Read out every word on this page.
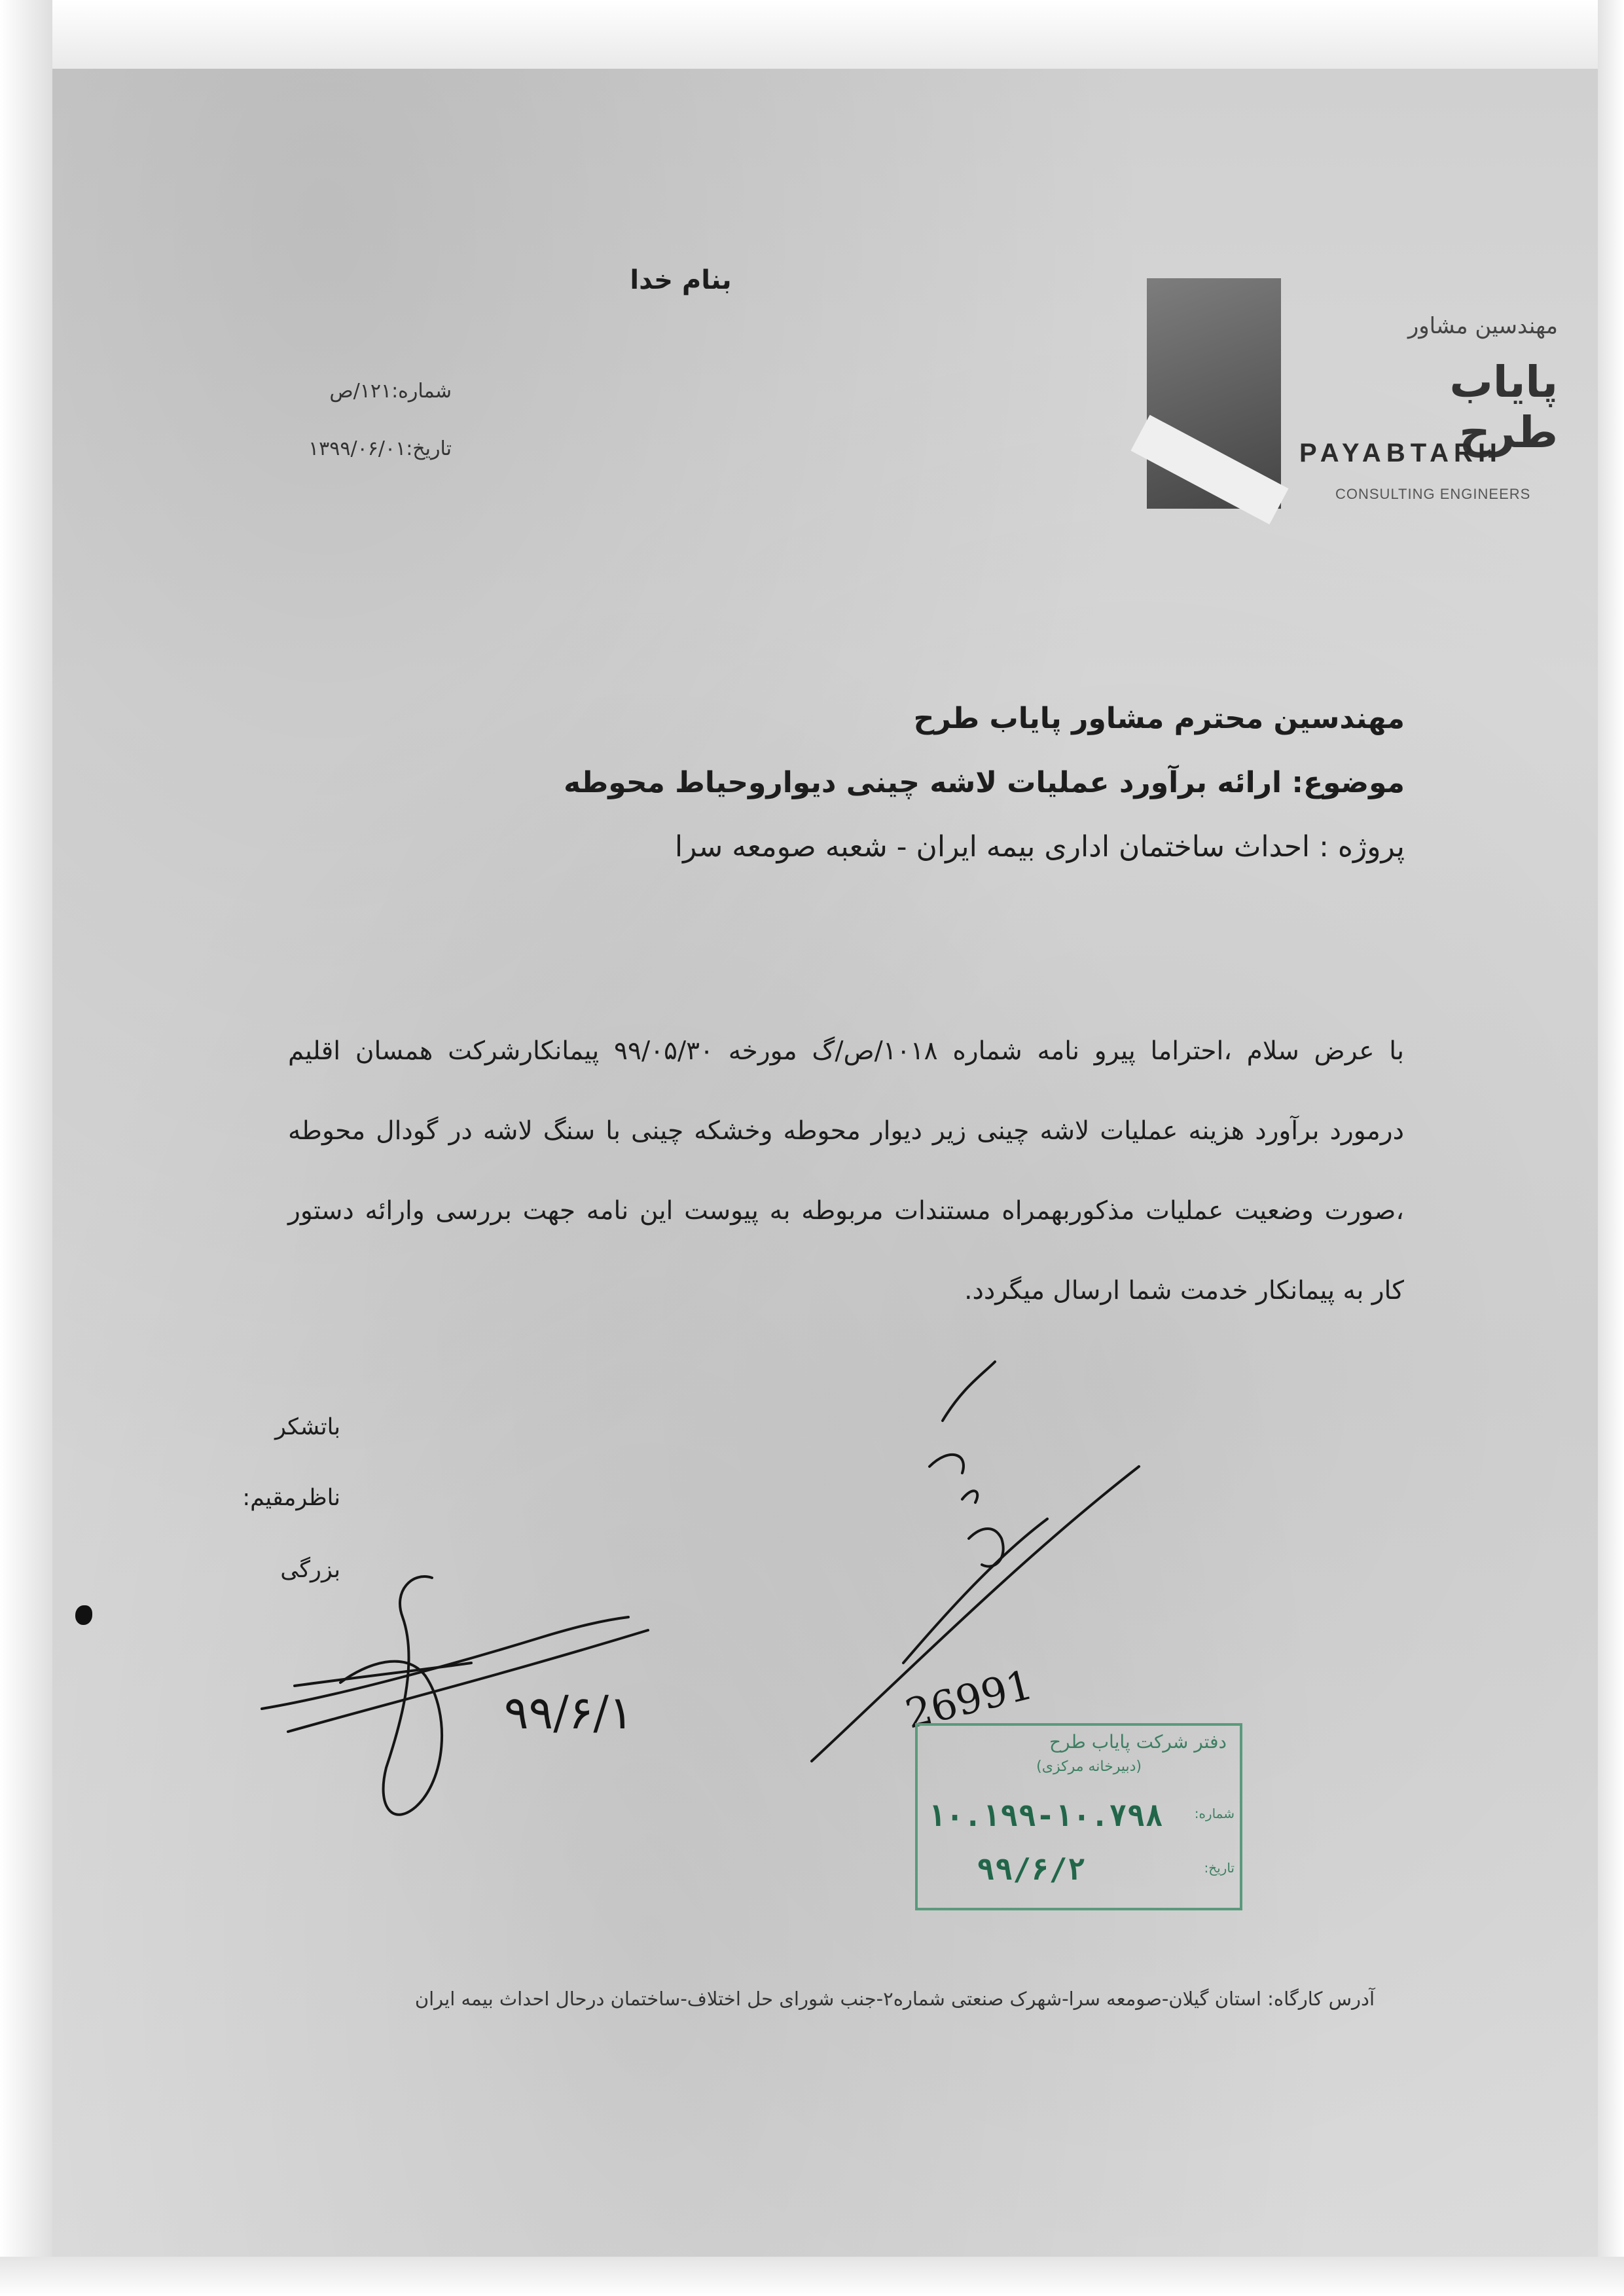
بنام خدا
شماره:۱۲۱/ص
تاریخ:۱۳۹۹/۰۶/۰۱
مهندسین مشاور
پایاب طرح
PAYABTARH
CONSULTING ENGINEERS
مهندسین محترم مشاور پایاب طرح
موضوع: ارائه برآورد عملیات لاشه چینی دیواروحیاط محوطه
پروژه : احداث ساختمان اداری بیمه ایران - شعبه صومعه سرا
با عرض سلام ،احتراما پیرو نامه شماره ۱۰۱۸/ص/گ مورخه ۹۹/۰۵/۳۰ پیمانکارشرکت همسان اقلیم درمورد برآورد هزینه عملیات لاشه چینی زیر دیوار محوطه وخشکه چینی با سنگ لاشه در گودال محوطه ،صورت وضعیت عملیات مذکوربهمراه مستندات مربوطه به پیوست این نامه جهت بررسی وارائه دستور کار به پیمانکار خدمت شما ارسال میگردد.
باتشکر
ناظرمقیم:
بزرگی
۹۹/۶/۱	26991
دفتر شرکت پایاب طرح
(دبیرخانه مرکزی)
شماره:
۱۰.۱۹۹-۱۰.۷۹۸
تاریخ:
۹۹/۶/۲
آدرس کارگاه: استان گیلان-صومعه سرا-شهرک صنعتی شماره۲-جنب شورای حل اختلاف-ساختمان درحال احداث بیمه ایران
